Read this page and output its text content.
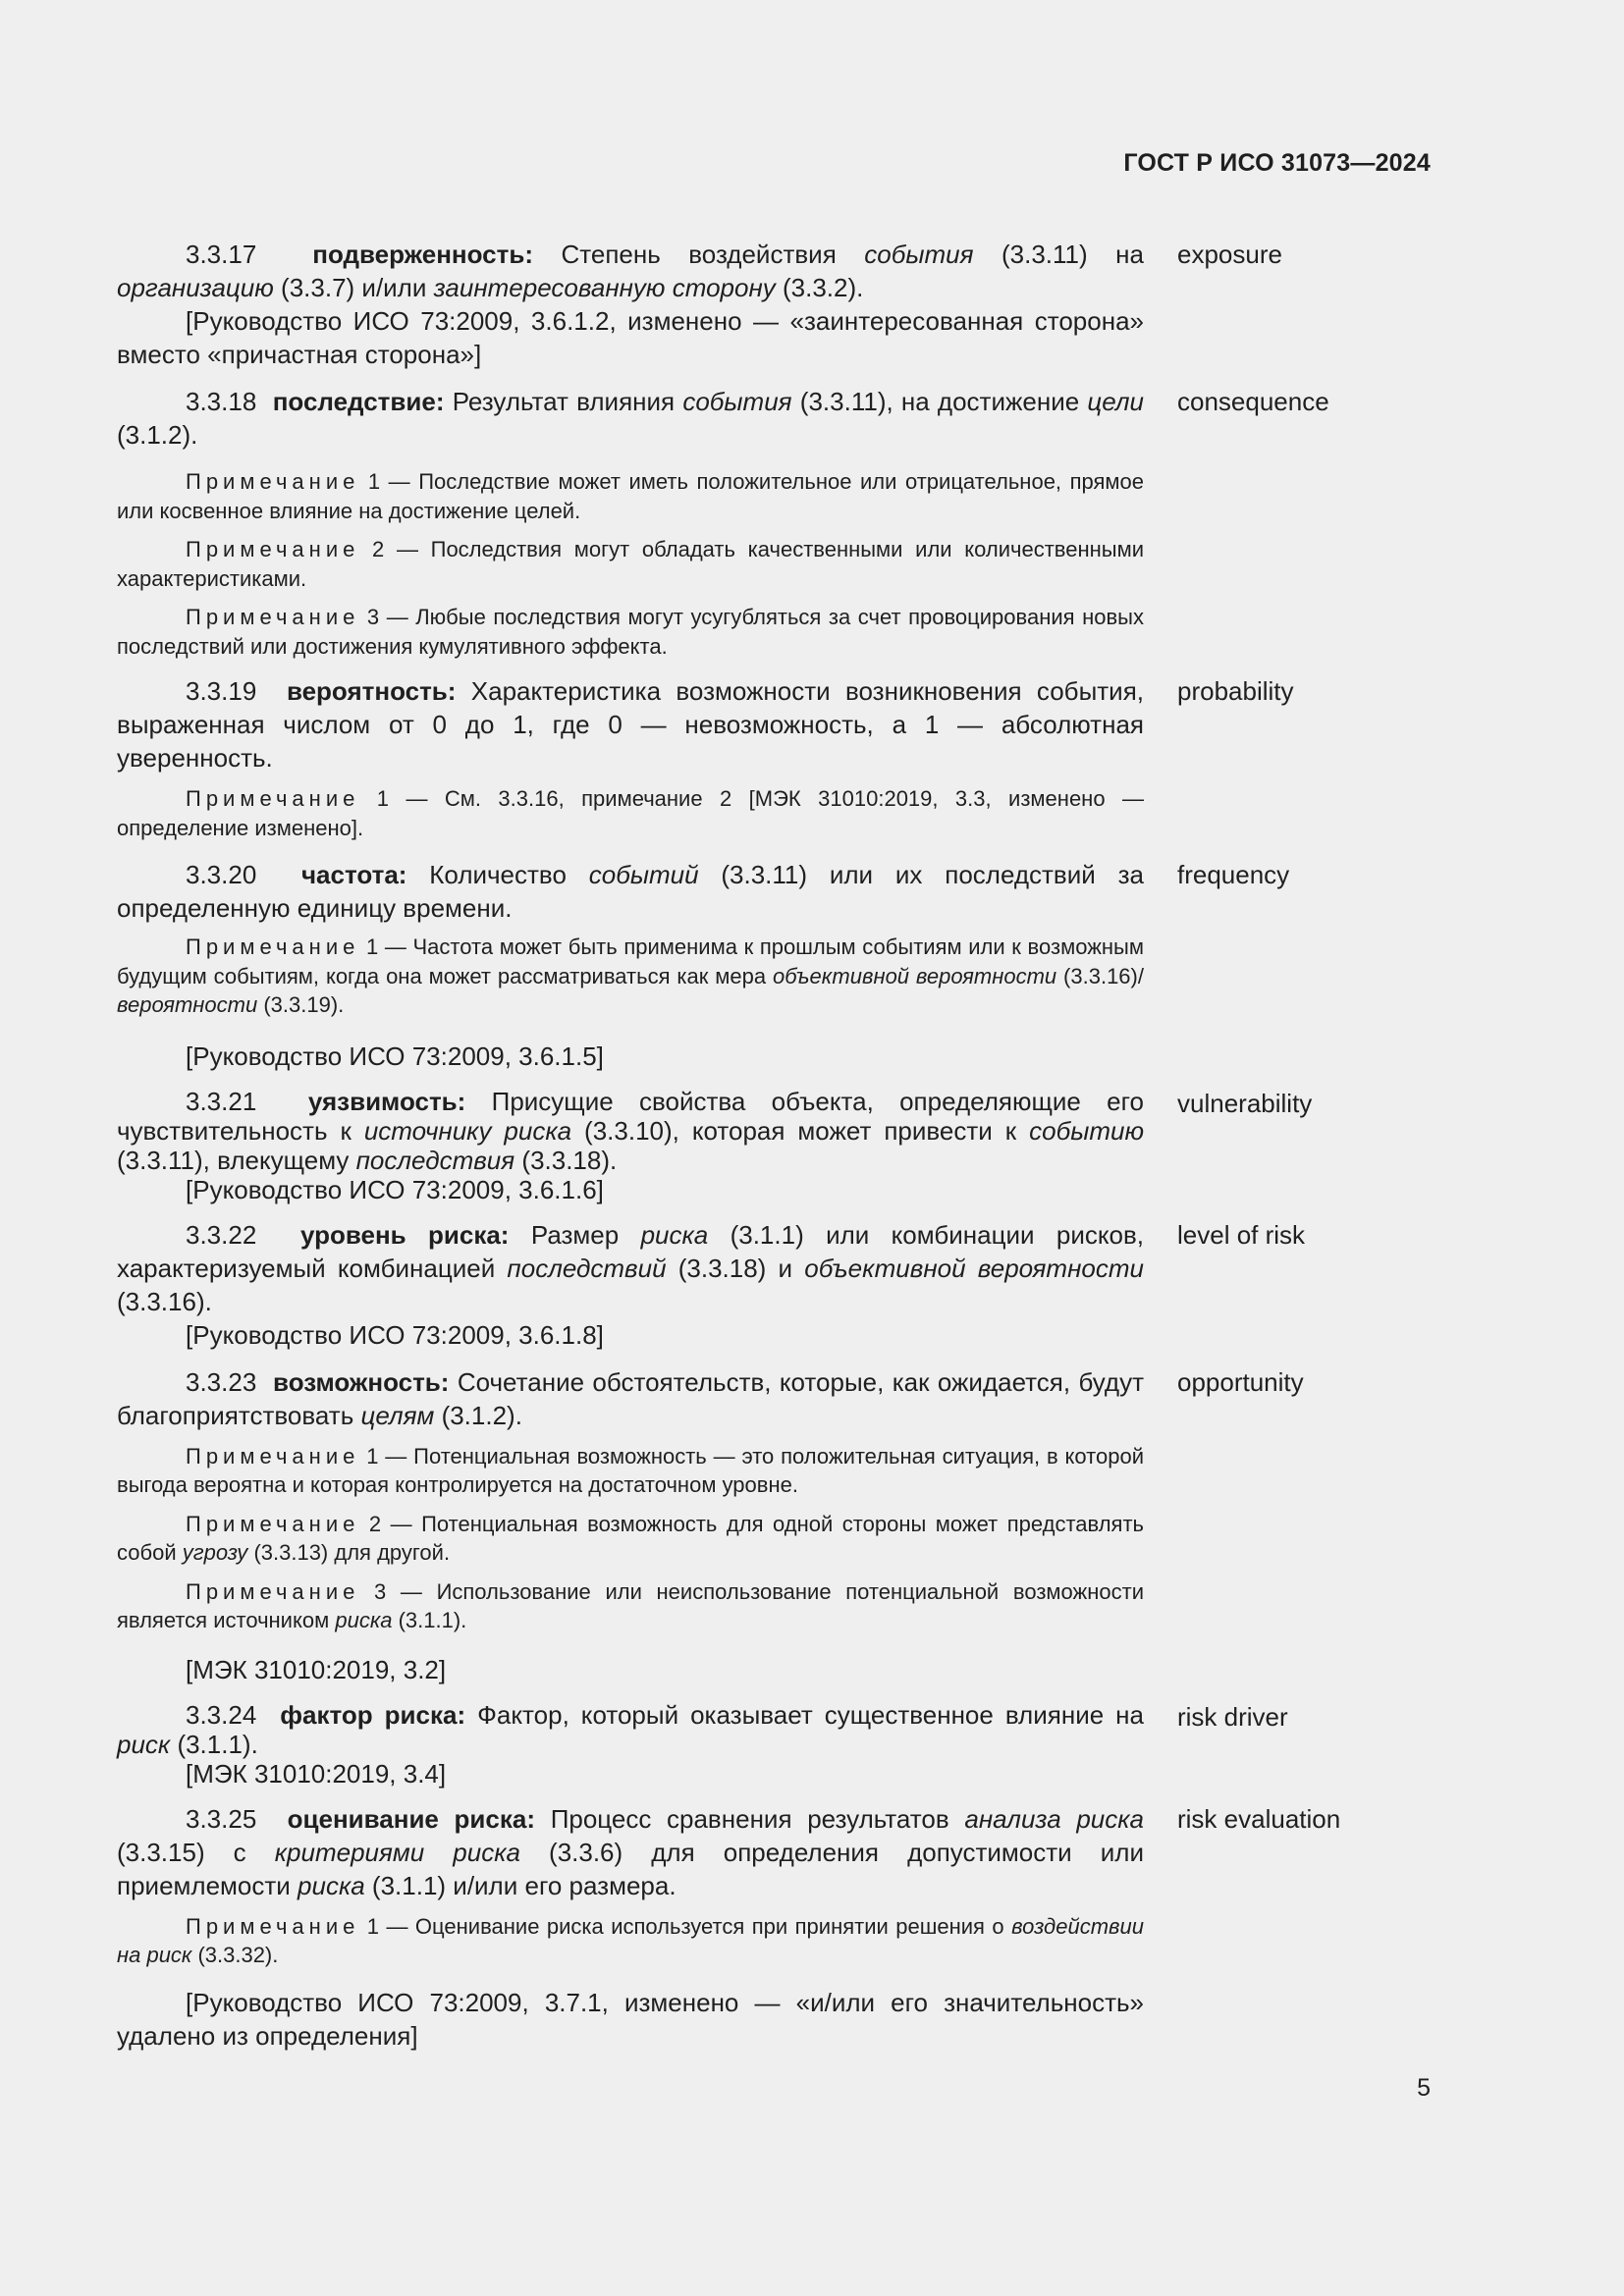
ГОСТ Р ИСО 31073—2024

3.3.17 подверженность: Степень воздействия события (3.3.11) на организацию (3.3.7) и/или заинтересованную сторону (3.3.2).

[Руководство ИСО 73:2009, 3.6.1.2, изменено — «заинтересованная сторона» вместо «причастная сторона»]

exposure

3.3.18 последствие: Результат влияния события (3.3.11), на достижение цели (3.1.2).

Примечание 1 — Последствие может иметь положительное или отрицательное, прямое или косвенное влияние на достижение целей.

Примечание 2 — Последствия могут обладать качественными или количественными характеристиками.

Примечание 3 — Любые последствия могут усугубляться за счет провоцирования новых последствий или достижения кумулятивного эффекта.

consequence

3.3.19 вероятность: Характеристика возможности возникновения события, выраженная числом от 0 до 1, где 0 — невозможность, а 1 — абсолютная уверенность.

Примечание 1 — См. 3.3.16, примечание 2 [МЭК 31010:2019, 3.3, изменено — определение изменено].

probability

3.3.20 частота: Количество событий (3.3.11) или их последствий за определенную единицу времени.

Примечание 1 — Частота может быть применима к прошлым событиям или к возможным будущим событиям, когда она может рассматриваться как мера объективной вероятности (3.3.16)/вероятности (3.3.19).

[Руководство ИСО 73:2009, 3.6.1.5]

frequency

3.3.21 уязвимость: Присущие свойства объекта, определяющие его чувствительность к источнику риска (3.3.10), которая может привести к событию (3.3.11), влекущему последствия (3.3.18).

[Руководство ИСО 73:2009, 3.6.1.6]

vulnerability

3.3.22 уровень риска: Размер риска (3.1.1) или комбинации рисков, характеризуемый комбинацией последствий (3.3.18) и объективной вероятности (3.3.16).

[Руководство ИСО 73:2009, 3.6.1.8]

level of risk

3.3.23 возможность: Сочетание обстоятельств, которые, как ожидается, будут благоприятствовать целям (3.1.2).

Примечание 1 — Потенциальная возможность — это положительная ситуация, в которой выгода вероятна и которая контролируется на достаточном уровне.

Примечание 2 — Потенциальная возможность для одной стороны может представлять собой угрозу (3.3.13) для другой.

Примечание 3 — Использование или неиспользование потенциальной возможности является источником риска (3.1.1).

[МЭК 31010:2019, 3.2]

opportunity

3.3.24 фактор риска: Фактор, который оказывает существенное влияние на риск (3.1.1).

[МЭК 31010:2019, 3.4]

risk driver

3.3.25 оценивание риска: Процесс сравнения результатов анализа риска (3.3.15) с критериями риска (3.3.6) для определения допустимости или приемлемости риска (3.1.1) и/или его размера.

Примечание 1 — Оценивание риска используется при принятии решения о воздействии на риск (3.3.32).

[Руководство ИСО 73:2009, 3.7.1, изменено — «и/или его значительность» удалено из определения]

risk evaluation
5
